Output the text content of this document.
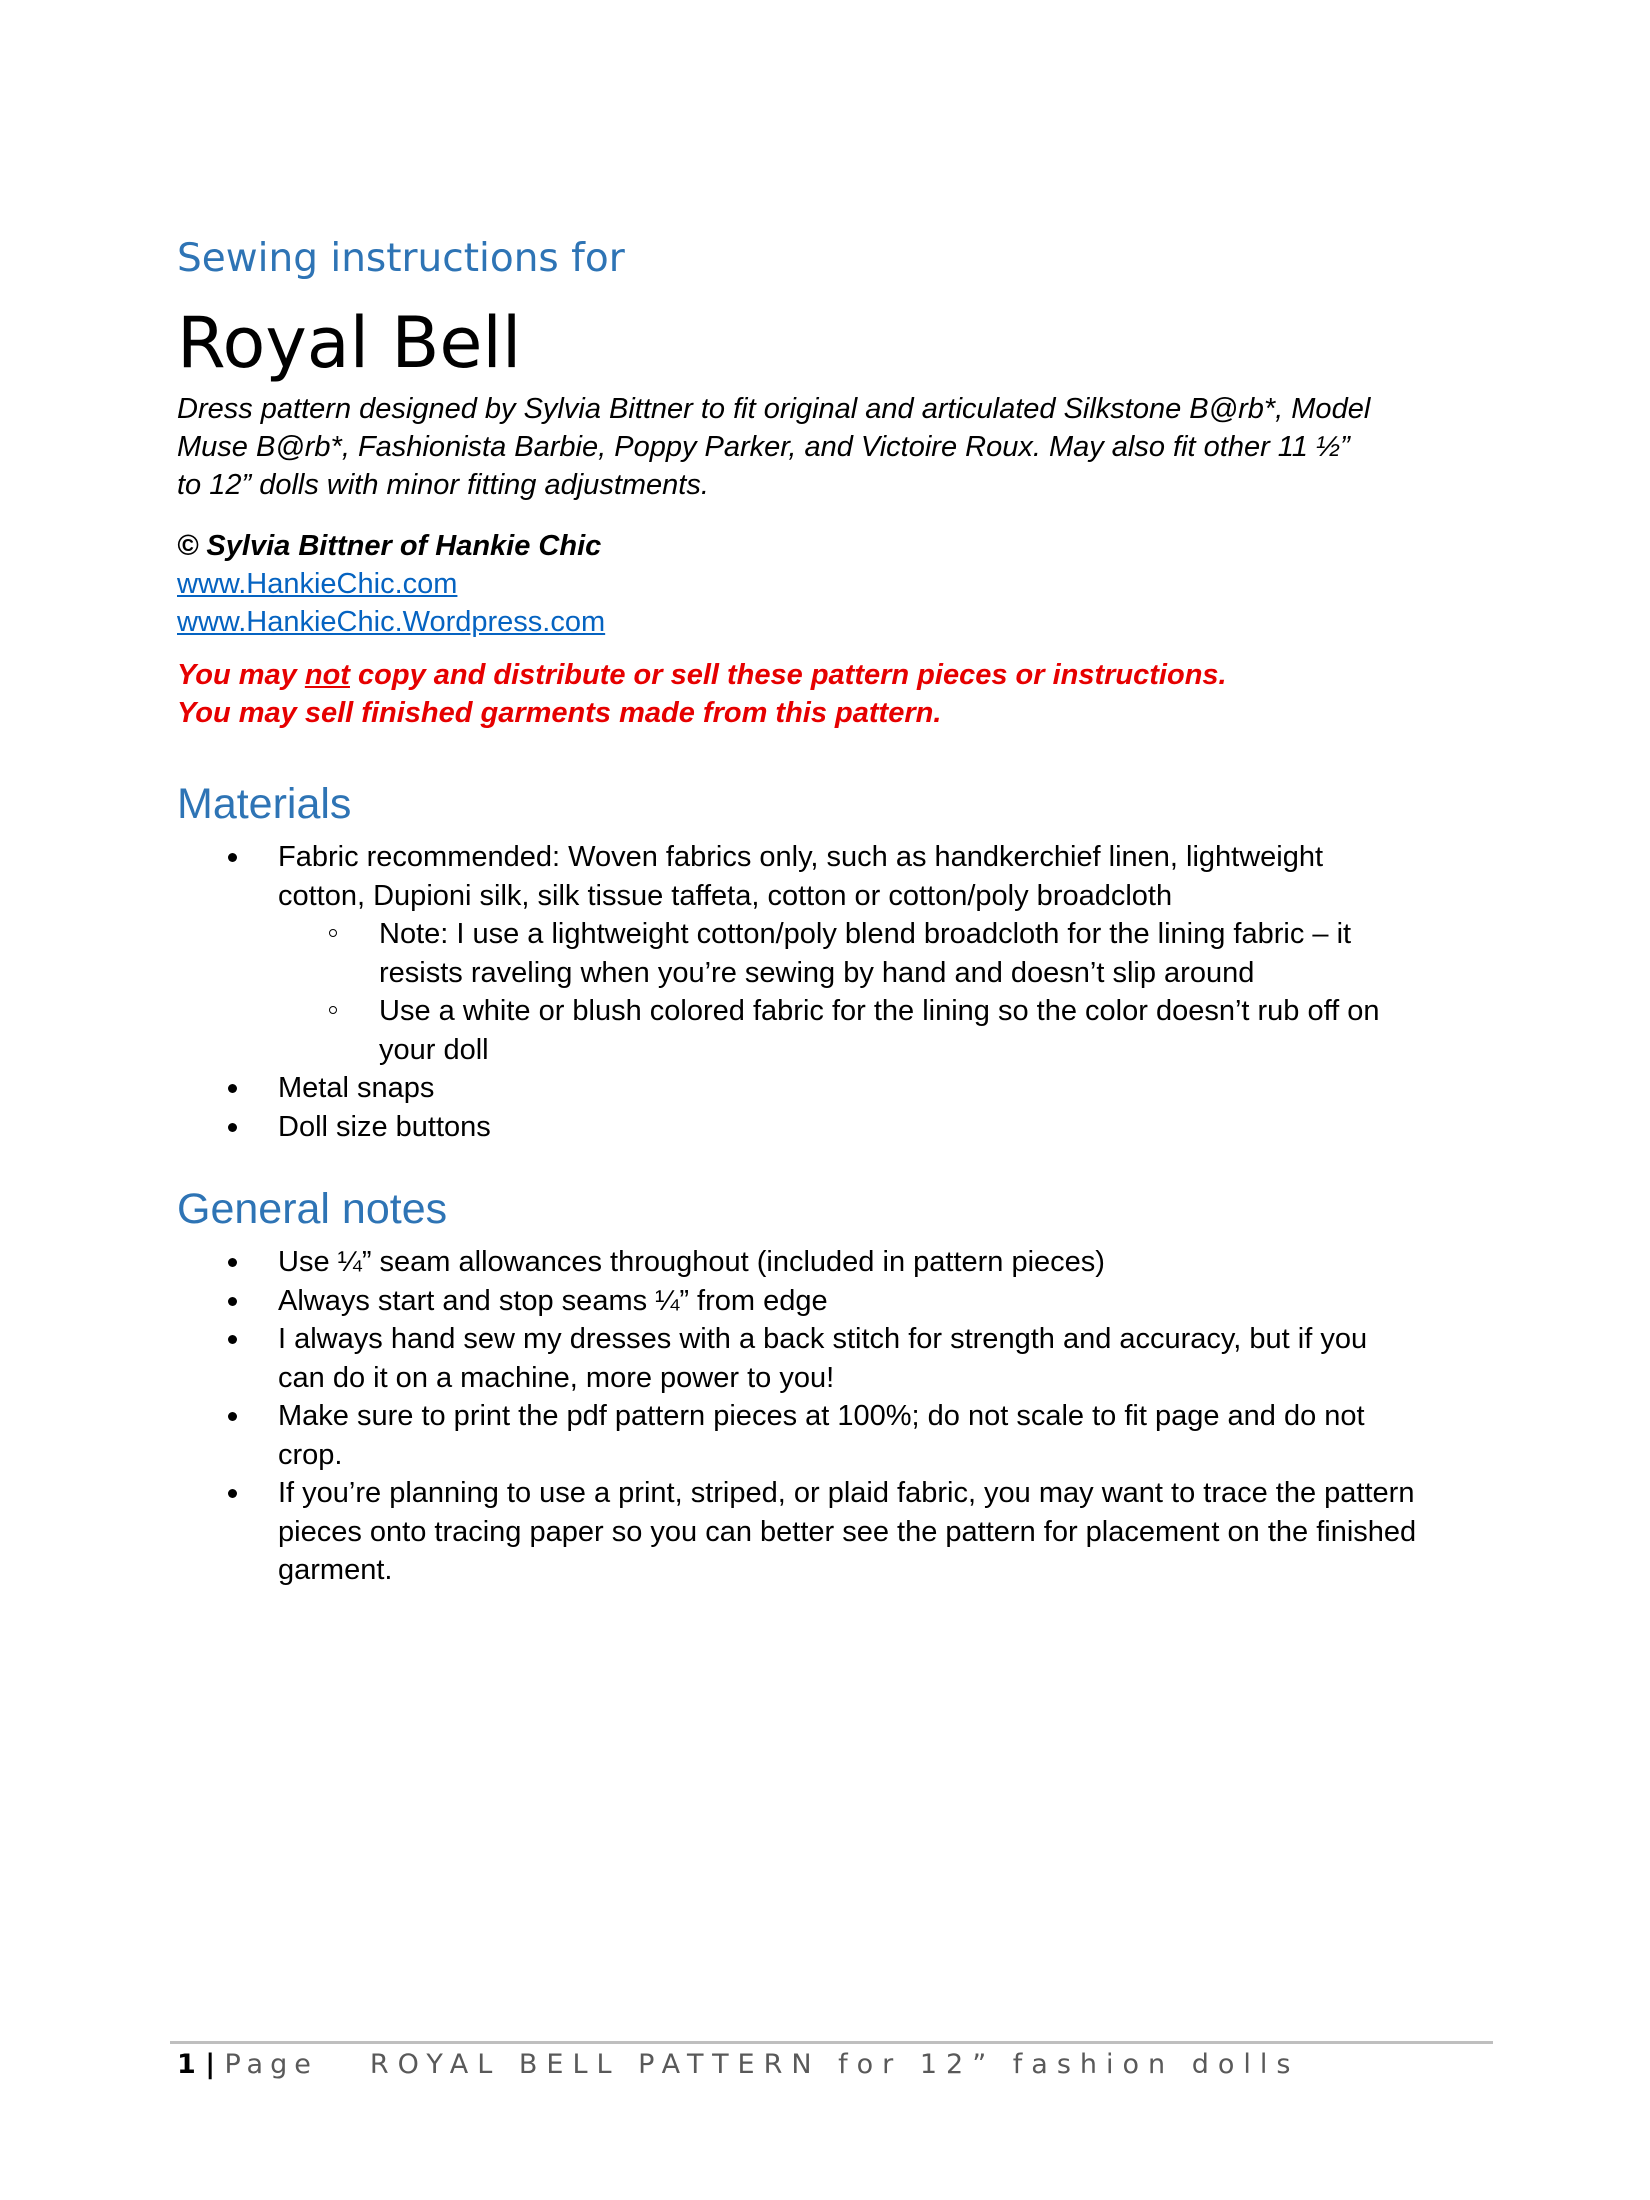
Sewing instructions for
Royal Bell
Dress pattern designed by Sylvia Bittner to fit original and articulated Silkstone B@rb*, Model
Muse B@rb*, Fashionista Barbie, Poppy Parker, and Victoire Roux. May also fit other 11 ½”
to 12” dolls with minor fitting adjustments.
© Sylvia Bittner of Hankie Chic
www.HankieChic.com
www.HankieChic.Wordpress.com
You may not copy and distribute or sell these pattern pieces or instructions.
You may sell finished garments made from this pattern.
Materials
Fabric recommended: Woven fabrics only, such as handkerchief linen, lightweight
cotton, Dupioni silk, silk tissue taffeta, cotton or cotton/poly broadcloth
Note: I use a lightweight cotton/poly blend broadcloth for the lining fabric – it
resists raveling when you’re sewing by hand and doesn’t slip around
Use a white or blush colored fabric for the lining so the color doesn’t rub off on
your doll
Metal snaps
Doll size buttons
General notes
Use ¼” seam allowances throughout (included in pattern pieces)
Always start and stop seams ¼” from edge
I always hand sew my dresses with a back stitch for strength and accuracy, but if you
can do it on a machine, more power to you!
Make sure to print the pdf pattern pieces at 100%; do not scale to fit page and do not
crop.
If you’re planning to use a print, striped, or plaid fabric, you may want to trace the pattern
pieces onto tracing paper so you can better see the pattern for placement on the finished
garment.
1 | Page ROYAL BELL PATTERN for 12” fashion dolls
